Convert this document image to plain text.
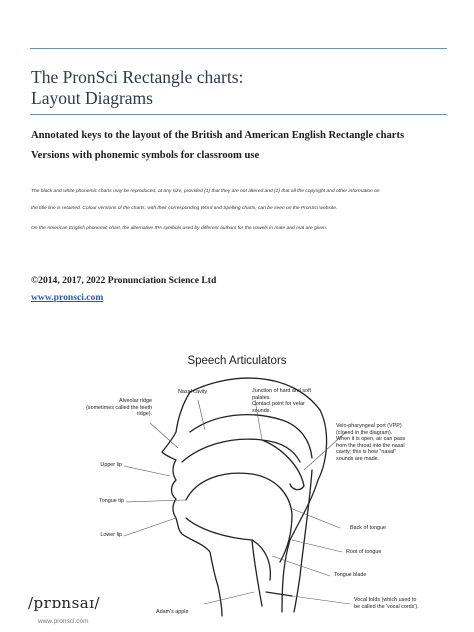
The PronSci Rectangle charts:
Layout Diagrams
Annotated keys to the layout of the British and American English Rectangle charts
Versions with phonemic symbols for classroom use

The black and white phonemic charts may be reproduced, at any size, provided (1) that they are not altered and (2) that all the copyright and other information on

the title line is retained. Colour versions of the charts, with their corresponding Word and Spelling charts, can be seen on the PronSci website.

On the American English phonemic chart, the alternative IPA symbols used by different authors for the vowels in mate and mat are given.

©2014, 2017, 2022 Pronunciation Science Ltd
www.pronsci.com
Speech Articulators
Alveolar ridge
(sometimes called the teeth
ridge).
Nasal cavity	Junction of hard and soft
palates.
Contact point for velar
sounds.
Velo-pharyngeal port (VPP)
(closed in the diagram).
When it is open, air can pass
from the throat into the nasal
cavity; this is how "nasal"
sounds are made.
Upper lip
Tongue tip
Lower lip
Back of tongue
Root of tongue
Tongue blade
Vocal folds (which used to
be called the 'vocal cords').
Adam's apple
/prɒnsaɪ/
www.pronsci.com
